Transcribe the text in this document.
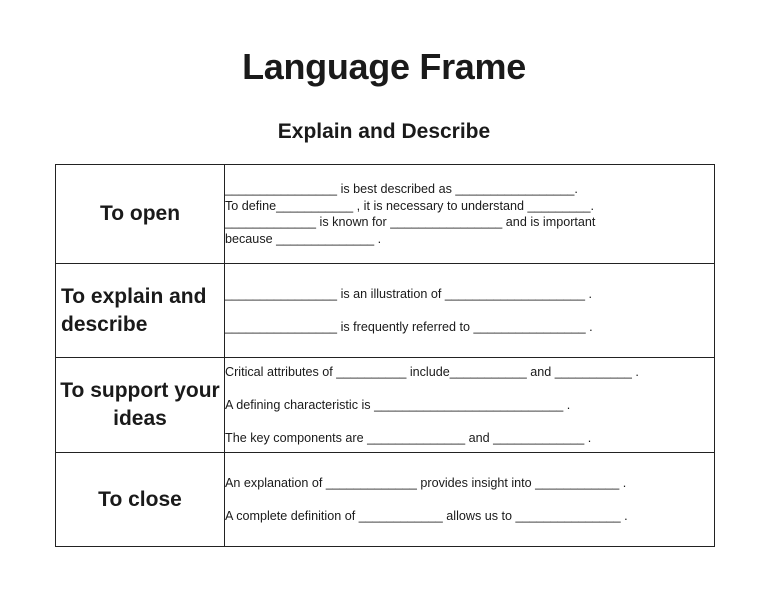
Language Frame
Explain and Describe
To open	________________ is best described as _________________.
To define___________ , it is necessary to understand _________.
_____________ is known for ________________ and is important
because ______________ .

To explain and describe	________________ is an illustration of ____________________ .
________________ is frequently referred to ________________ .

To support your ideas	Critical attributes of __________ include___________ and ___________ .
A defining characteristic is ___________________________ .
The key components are ______________ and _____________ .

To close	An explanation of _____________ provides insight into ____________ .
A complete definition of ____________ allows us to _______________ .
